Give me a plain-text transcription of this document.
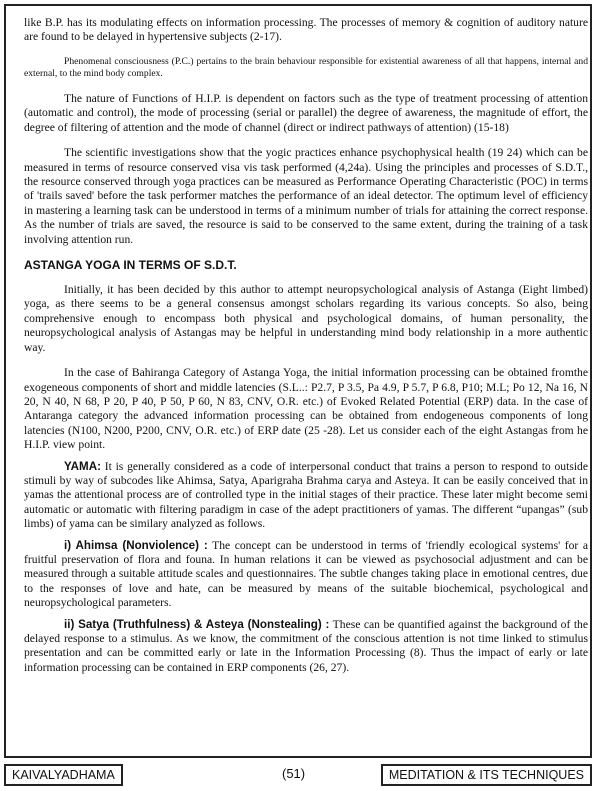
like B.P. has its modulating effects on information processing. The processes of memory & cognition of auditory nature are found to be delayed in hypertensive subjects (2-17).

Phenomenal consciousness (P.C.) pertains to the brain behaviour responsible for existential awareness of all that happens, internal and external, to the mind body complex.

The nature of Functions of H.I.P. is dependent on factors such as the type of treatment processing of attention (automatic and control), the mode of processing (serial or parallel) the degree of awareness, the magnitude of effort, the degree of filtering of attention and the mode of channel (direct or indirect pathways of attention) (15-18)

The scientific investigations show that the yogic practices enhance psychophysical health (19 24) which can be measured in terms of resource conserved visa vis task performed (4,24a). Using the principles and processes of S.D.T., the resource conserved through yoga practices can be measured as Performance Operating Characteristic (POC) in terms of 'trails saved' before the task performer matches the performance of an ideal detector. The optimum level of efficiency in mastering a learning task can be understood in terms of a minimum number of trials for attaining the correct response. As the number of trials are saved, the resource is said to be conserved to the same extent, during the training of a task involving attention run.

ASTANGA YOGA IN TERMS OF S.D.T.

Initially, it has been decided by this author to attempt neuropsychological analysis of Astanga (Eight limbed) yoga, as there seems to be a general consensus amongst scholars regarding its various concepts. So also, being comprehensive enough to encompass both physical and psychological domains, of human personality, the neuropsychological analysis of Astangas may be helpful in understanding mind body relationship in a more authentic way.

In the case of Bahiranga Category of Astanga Yoga, the initial information processing can be obtained fromthe exogeneous components of short and middle latencies (S.L..: P2.7, P 3.5, Pa 4.9, P 5.7, P 6.8, P10; M.L; Po 12, Na 16, N 20, N 40, N 68, P 20, P 40, P 50, P 60, N 83, CNV, O.R. etc.) of Evoked Related Potential (ERP) data. In the case of Antaranga category the advanced information processing can be obtained from endogeneous components of long latencies (N100, N200, P200, CNV, O.R. etc.) of ERP date (25 -28). Let us consider each of the eight Astangas from he H.I.P. view point.

YAMA: It is generally considered as a code of interpersonal conduct that trains a person to respond to outside stimuli by way of subcodes like Ahimsa, Satya, Aparigraha Brahma carya and Asteya. It can be easily conceived that in yamas the attentional process are of controlled type in the initial stages of their practice. These later might become semi automatic or automatic with filtering paradigm in case of the adept practitioners of yamas. The different “upangas” (sub limbs) of yama can be similary analyzed as follows.

i) Ahimsa (Nonviolence) : The concept can be understood in terms of 'friendly ecological systems' for a fruitful preservation of flora and founa. In human relations it can be viewed as psychosocial adjustment and can be measured through a suitable attitude scales and questionnaires. The subtle changes taking place in emotional centres, due to the responses of love and hate, can be measured by means of the suitable biochemical, psychological and neuropsychological parameters.

ii) Satya (Truthfulness) & Asteya (Nonstealing) : These can be quantified against the background of the delayed response to a stimulus. As we know, the commitment of the conscious attention is not time linked to stimulus presentation and can be committed early or late in the Information Processing (8). Thus the impact of early or late information processing can be contained in ERP components (26, 27).

KAIVALYADHAMA	(51)	MEDITATION & ITS TECHNIQUES
